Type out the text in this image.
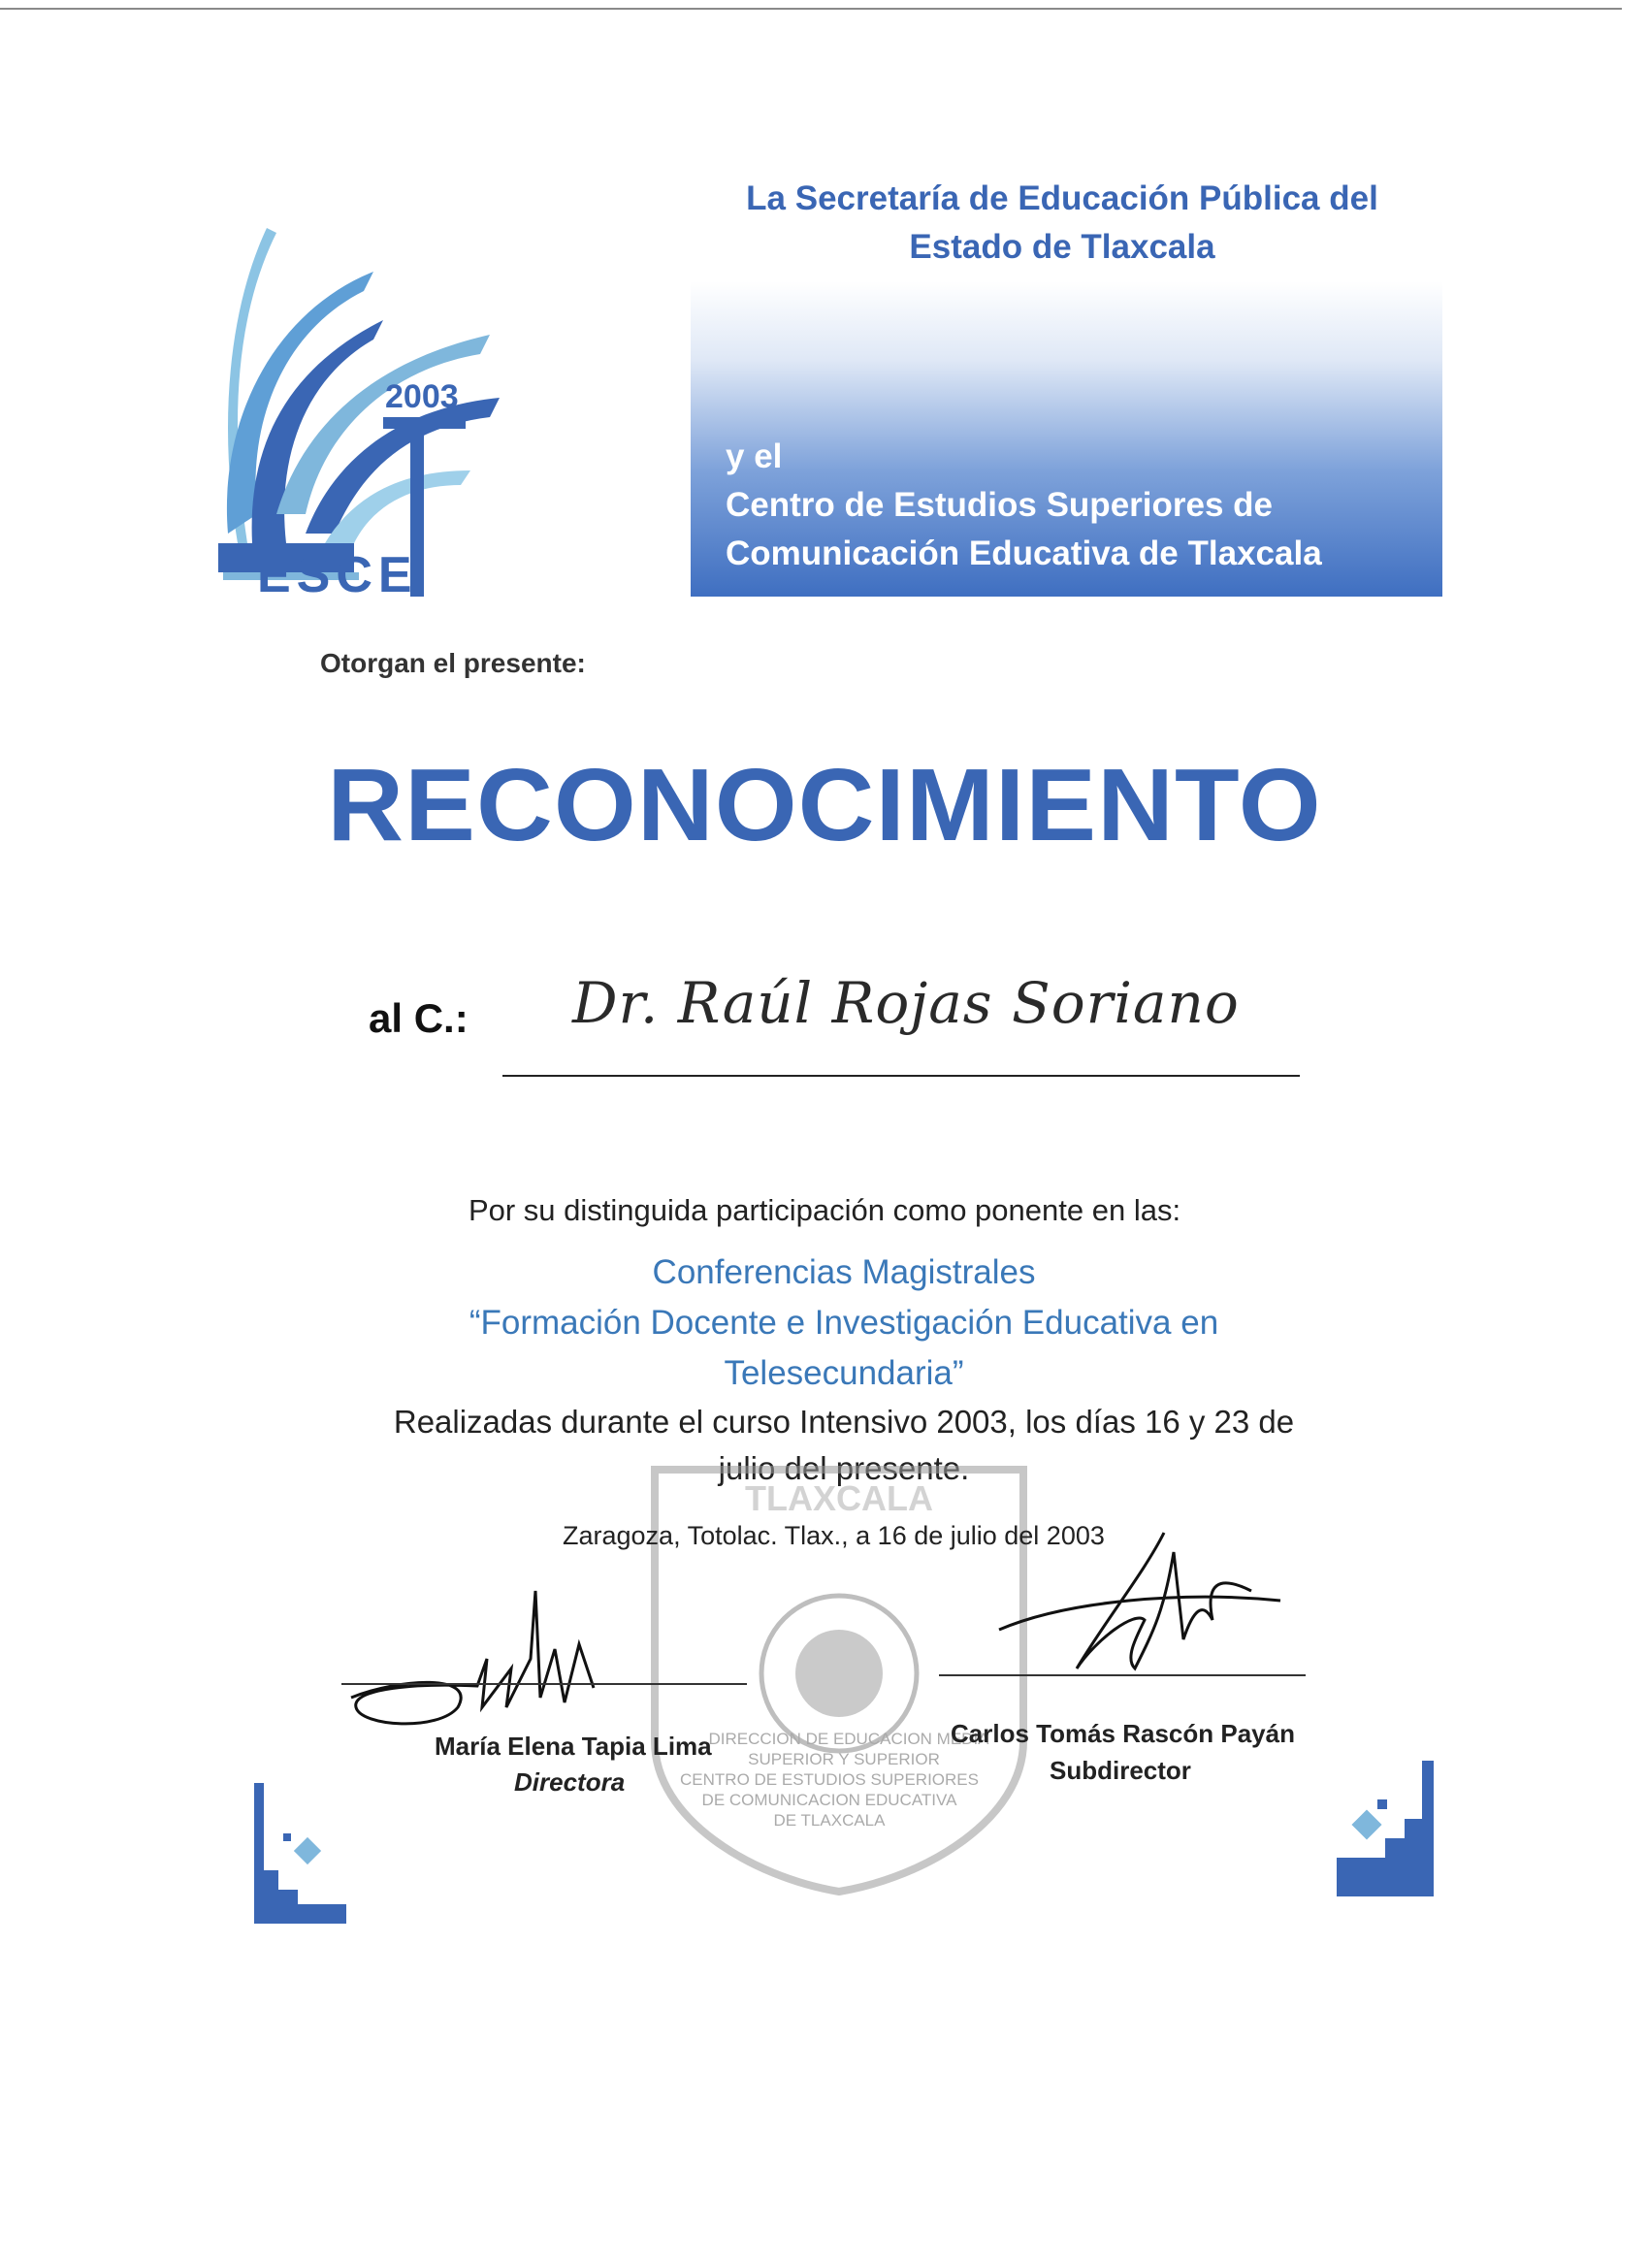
2003
ESCE
La Secretaría de Educación Pública del
Estado de Tlaxcala
y el
Centro de Estudios Superiores de
Comunicación Educativa de Tlaxcala
Otorgan el presente:
RECONOCIMIENTO
al C.: Dr. Raúl Rojas Soriano
Por su distinguida participación como ponente en las:
Conferencias Magistrales
“Formación Docente e Investigación Educativa en
Telesecundaria”
Realizadas durante el curso Intensivo 2003, los días 16 y 23 de
julio del presente.
TLAXCALA
DIRECCION DE EDUCACION MEDIA
SUPERIOR Y SUPERIOR
CENTRO DE ESTUDIOS SUPERIORES
DE COMUNICACION EDUCATIVA
DE TLAXCALA
Zaragoza, Totolac. Tlax., a 16 de julio del 2003
María Elena Tapia Lima
Directora
Carlos Tomás Rascón Payán
Subdirector
